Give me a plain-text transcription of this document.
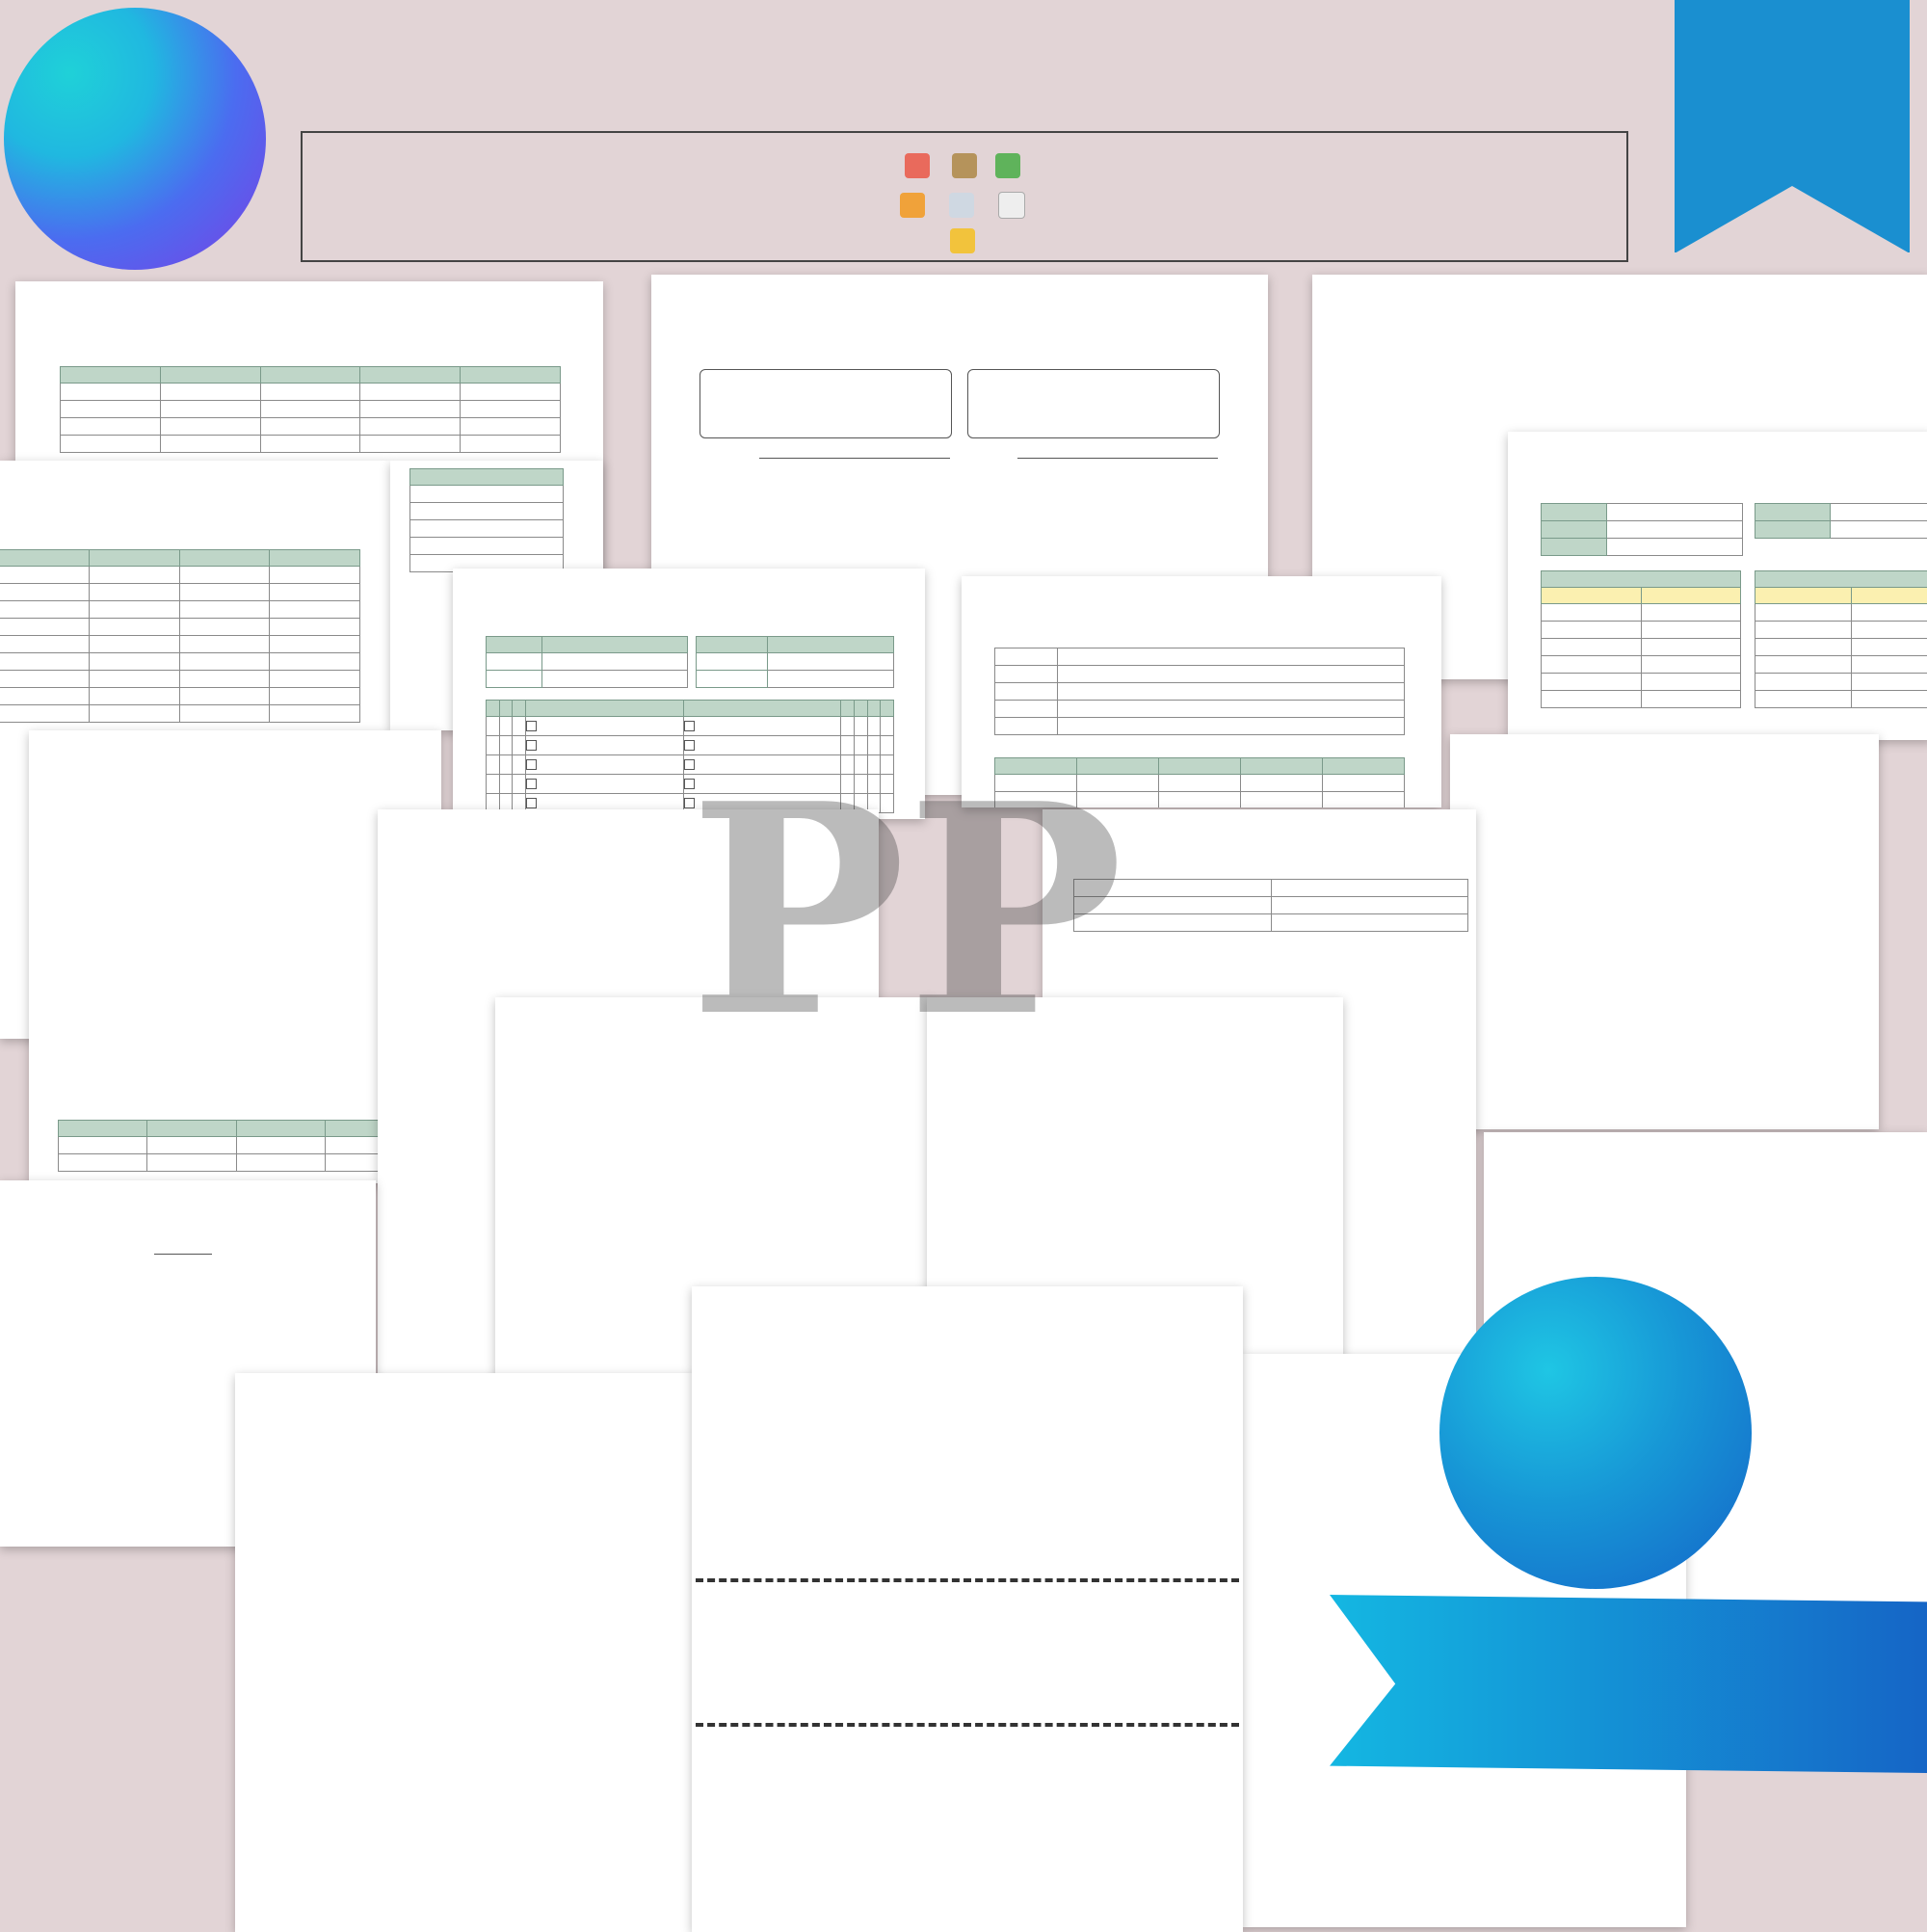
PP
